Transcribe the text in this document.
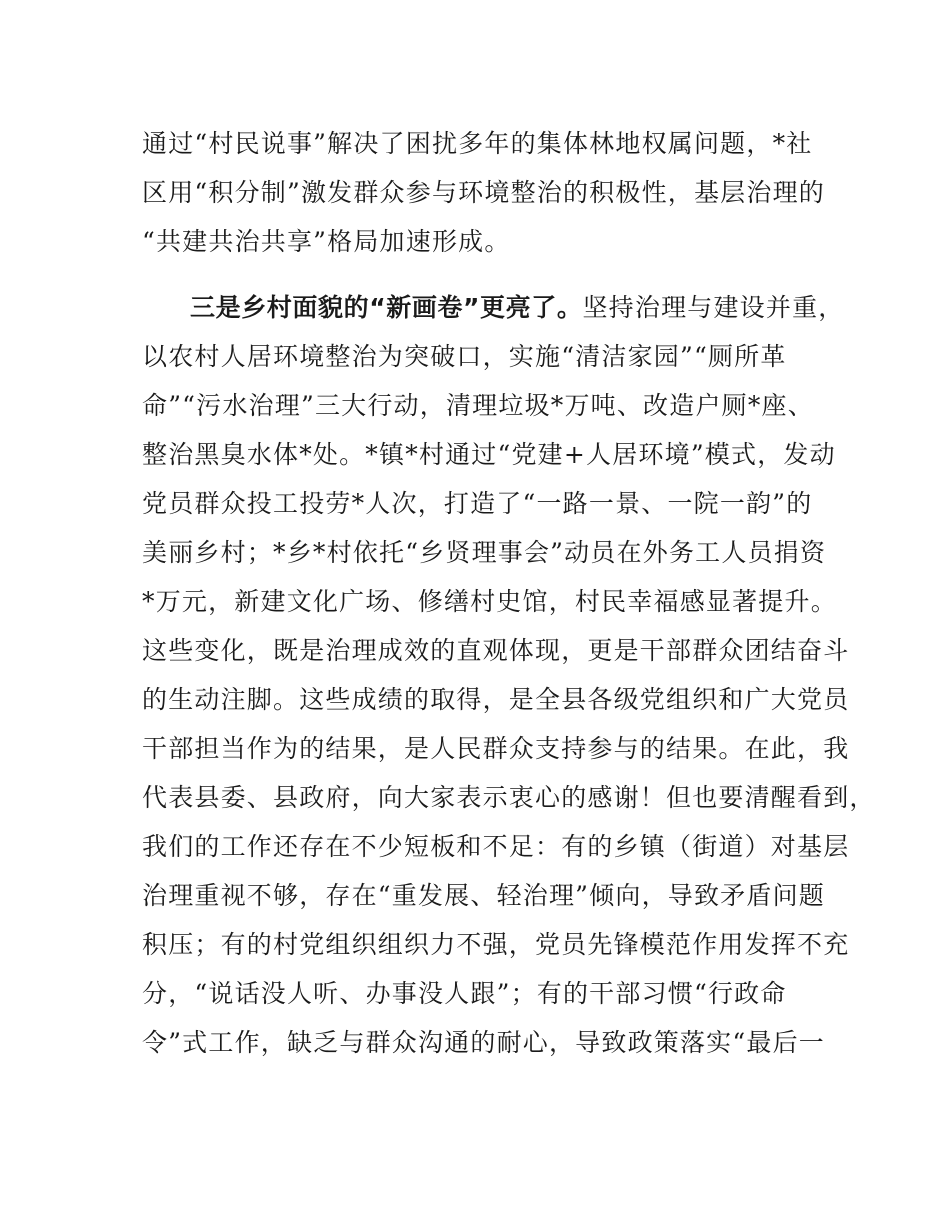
通过“村民说事”解决了困扰多年的集体林地权属问题，*社
区用“积分制”激发群众参与环境整治的积极性，基层治理的
“共建共治共享”格局加速形成。
三是乡村面貌的“新画卷”更亮了。坚持治理与建设并重，
以农村人居环境整治为突破口，实施“清洁家园”“厕所革
命”“污水治理”三大行动，清理垃圾*万吨、改造户厕*座、
整治黑臭水体*处。*镇*村通过“党建+人居环境”模式，发动
党员群众投工投劳*人次，打造了“一路一景、一院一韵”的
美丽乡村；*乡*村依托“乡贤理事会”动员在外务工人员捐资
*万元，新建文化广场、修缮村史馆，村民幸福感显著提升。
这些变化，既是治理成效的直观体现，更是干部群众团结奋斗
的生动注脚。这些成绩的取得，是全县各级党组织和广大党员
干部担当作为的结果，是人民群众支持参与的结果。在此，我
代表县委、县政府，向大家表示衷心的感谢！但也要清醒看到，
我们的工作还存在不少短板和不足：有的乡镇（街道）对基层
治理重视不够，存在“重发展、轻治理”倾向，导致矛盾问题
积压；有的村党组织组织力不强，党员先锋模范作用发挥不充
分，“说话没人听、办事没人跟”；有的干部习惯“行政命
令”式工作，缺乏与群众沟通的耐心，导致政策落实“最后一
